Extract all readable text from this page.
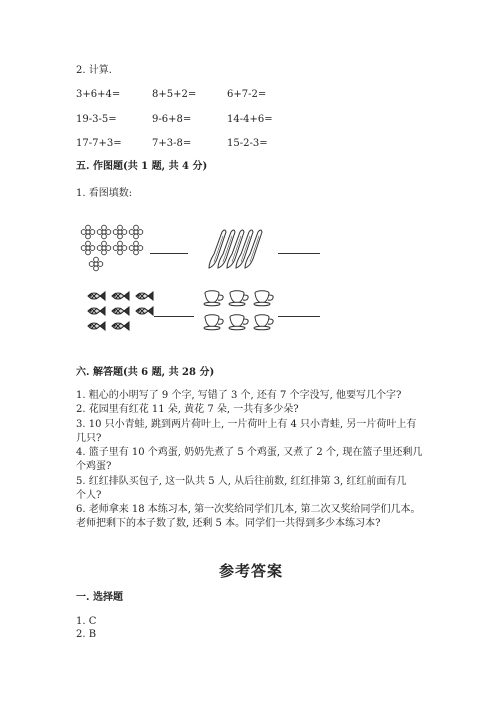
2. 计算.
3+6+4=	8+5+2=	6+7-2=
19-3-5=	9-6+8=	14-4+6=
17-7+3=	7+3-8=	15-2-3=
五. 作图题(共 1 题, 共 4 分)
1. 看图填数:
六. 解答题(共 6 题, 共 28 分)
1. 粗心的小明写了 9 个字, 写错了 3 个, 还有 7 个字没写, 他要写几个字?
2. 花园里有红花 11 朵, 黄花 7 朵, 一共有多少朵?
3. 10 只小青蛙, 跳到两片荷叶上, 一片荷叶上有 4 只小青蛙, 另一片荷叶上有
几只?
4. 篮子里有 10 个鸡蛋, 奶奶先煮了 5 个鸡蛋, 又煮了 2 个, 现在篮子里还剩几
个鸡蛋?
5. 红红排队买包子, 这一队共 5 人, 从后往前数, 红红排第 3, 红红前面有几
个人?
6. 老师拿来 18 本练习本, 第一次奖给同学们几本, 第二次又奖给同学们几本。
老师把剩下的本子数了数, 还剩 5 本。同学们一共得到多少本练习本?
参考答案
一. 选择题
1. C
2. B
